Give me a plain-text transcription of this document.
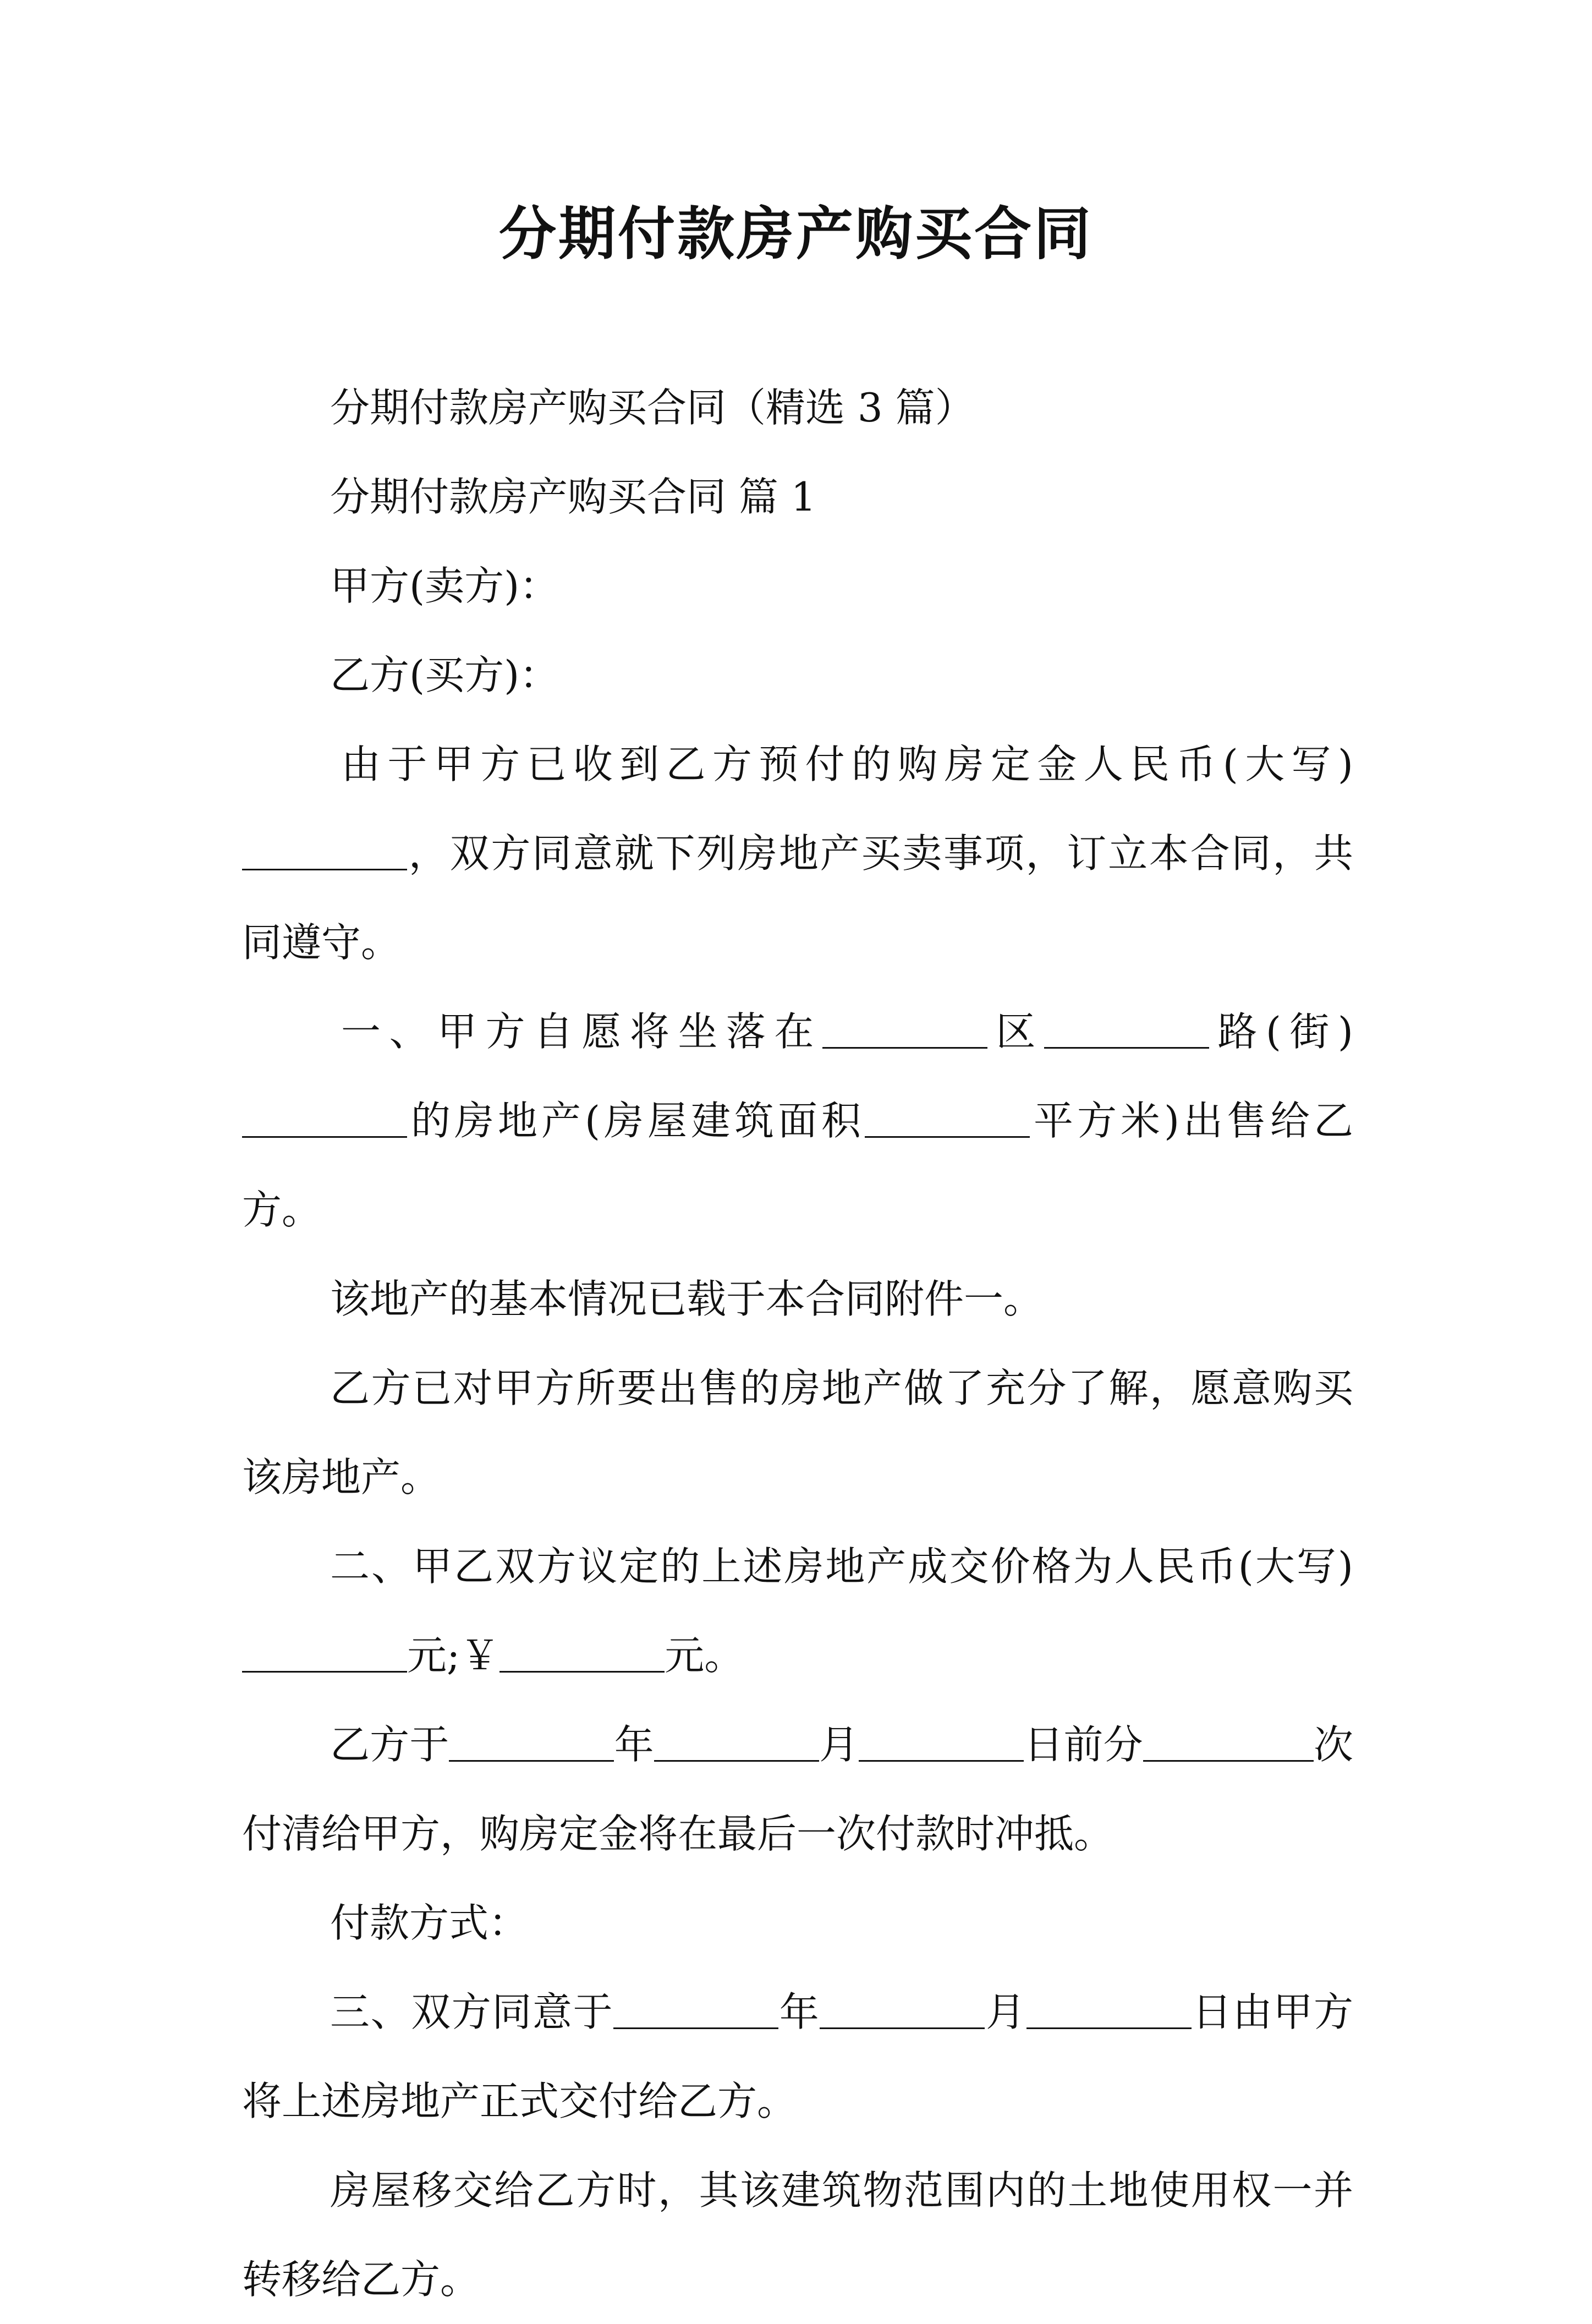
分期付款房产购买合同

分期付款房产购买合同（精选 3 篇）

分期付款房产购买合同 篇 1

甲方(卖方)：

乙方(买方)：

由于甲方已收到乙方预付的购房定金人民币(大写)，双方同意就下列房地产买卖事项，订立本合同，共同遵守。

一、甲方自愿将坐落在	区	路(街)的房地产(房屋建筑面积	平方米)出售给乙方。

该地产的基本情况已载于本合同附件一。

乙方已对甲方所要出售的房地产做了充分了解，愿意购买该房地产。

二、甲乙双方议定的上述房地产成交价格为人民币(大写)元;￥	元。

乙方于	年	月	日前分	次付清给甲方，购房定金将在最后一次付款时冲抵。

付款方式：

三、双方同意于	年	月	日由甲方将上述房地产正式交付给乙方。

房屋移交给乙方时，其该建筑物范围内的土地使用权一并转移给乙方。
